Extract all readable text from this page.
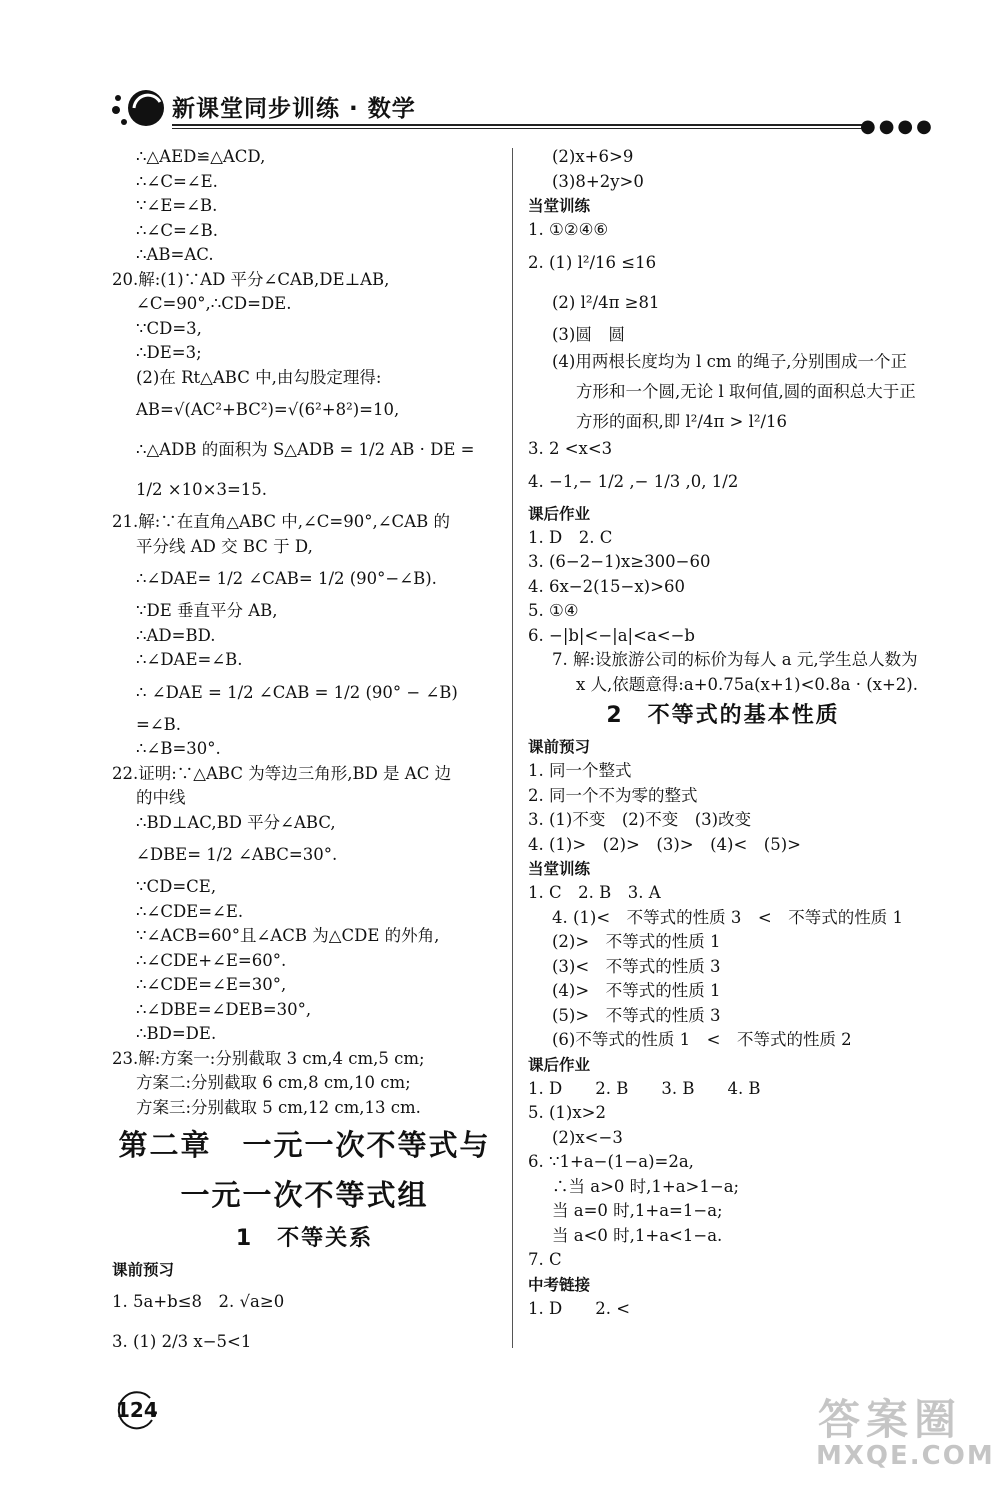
新课堂同步训练 · 数学
●●●●
∴△AED≌△ACD,
∴∠C=∠E.
∵∠E=∠B.
∴∠C=∠B.
∴AB=AC.
20.解:(1)∵AD 平分∠CAB,DE⊥AB,
∠C=90°,∴CD=DE.
∵CD=3,
∴DE=3;
(2)在 Rt△ABC 中,由勾股定理得:
AB=√(AC²+BC²)=√(6²+8²)=10,
∴△ADB 的面积为 S△ADB = 1/2 AB · DE =
1/2 ×10×3=15.
21.解:∵在直角△ABC 中,∠C=90°,∠CAB 的
平分线 AD 交 BC 于 D,
∴∠DAE= 1/2 ∠CAB= 1/2 (90°−∠B).
∵DE 垂直平分 AB,
∴AD=BD.
∴∠DAE=∠B.
∴ ∠DAE = 1/2 ∠CAB = 1/2 (90° − ∠B)
=∠B.
∴∠B=30°.
22.证明:∵△ABC 为等边三角形,BD 是 AC 边
的中线
∴BD⊥AC,BD 平分∠ABC,
∠DBE= 1/2 ∠ABC=30°.
∵CD=CE,
∴∠CDE=∠E.
∵∠ACB=60°且∠ACB 为△CDE 的外角,
∴∠CDE+∠E=60°.
∴∠CDE=∠E=30°,
∴∠DBE=∠DEB=30°,
∴BD=DE.
23.解:方案一:分别截取 3 cm,4 cm,5 cm;
方案二:分别截取 6 cm,8 cm,10 cm;
方案三:分别截取 5 cm,12 cm,13 cm.
第二章　一元一次不等式与
一元一次不等式组
1　不等关系
课前预习
1. 5a+b≤8　2. √a≥0
3. (1) 2/3 x−5<1
(2)x+6>9
(3)8+2y>0
当堂训练
1. ①②④⑥
2. (1) l²/16 ≤16
(2) l²/4π ≥81
(3)圆　圆
(4)用两根长度均为 l cm 的绳子,分别围成一个正方形和一个圆,无论 l 取何值,圆的面积总大于正方形的面积,即 l²/4π > l²/16
3. 2 <x<3
4. −1,− 1/2 ,− 1/3 ,0, 1/2
课后作业
1. D　2. C
3. (6−2−1)x≥300−60
4. 6x−2(15−x)>60
5. ①④
6. −|b|<−|a|<a<−b
7. 解:设旅游公司的标价为每人 a 元,学生总人数为 x 人,依题意得:a+0.75a(x+1)<0.8a · (x+2).
2　不等式的基本性质
课前预习
1. 同一个整式
2. 同一个不为零的整式
3. (1)不变　(2)不变　(3)改变
4. (1)>　(2)>　(3)>　(4)<　(5)>
当堂训练
1. C　2. B　3. A
4. (1)<　不等式的性质 3　<　不等式的性质 1
(2)>　不等式的性质 1
(3)<　不等式的性质 3
(4)>　不等式的性质 1
(5)>　不等式的性质 3
(6)不等式的性质 1　<　不等式的性质 2
课后作业
1. D　　2. B　　3. B　　4. B
5. (1)x>2
(2)x<−3
6. ∵1+a−(1−a)=2a,
∴当 a>0 时,1+a>1−a;
当 a=0 时,1+a=1−a;
当 a<0 时,1+a<1−a.
7. C
中考链接
1. D　　2. <
124	答案圈
MXQE.COM
